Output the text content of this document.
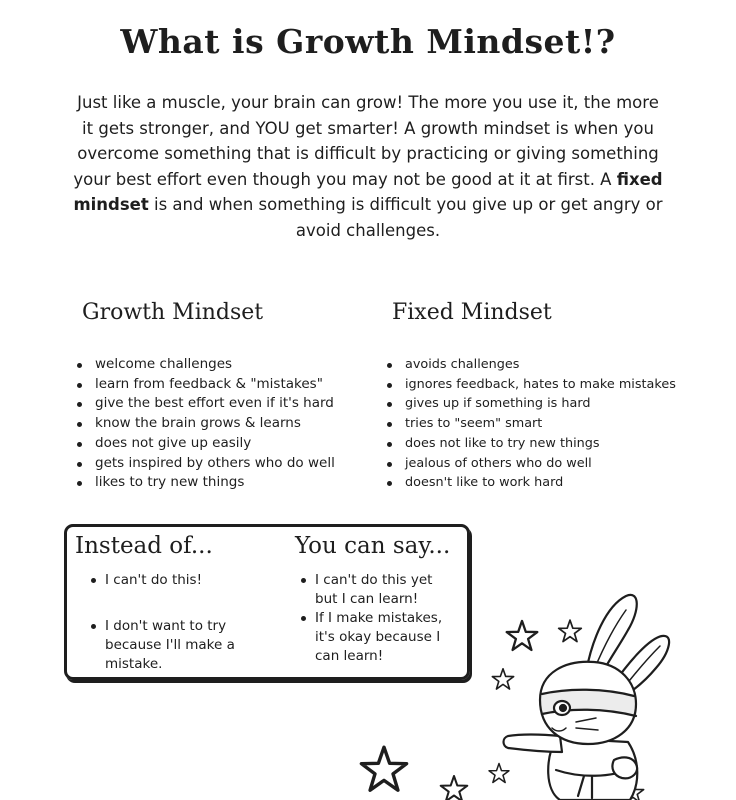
What is Growth Mindset!?

Just like a muscle, your brain can grow! The more you use it, the more it gets stronger, and YOU get smarter! A growth mindset is when you overcome something that is difficult by practicing or giving something your best effort even though you may not be good at it at first. A fixed mindset is and when something is difficult you give up or get angry or avoid challenges.

Growth Mindset
welcome challenges
learn from feedback & "mistakes"
give the best effort even if it's hard
know the brain grows & learns
does not give up easily
gets inspired by others who do well
likes to try new things
Fixed Mindset
avoids challenges
ignores feedback, hates to make mistakes
gives up if something is hard
tries to "seem" smart
does not like to try new things
jealous of others who do well
doesn't like to work hard
Instead of...
I can't do this!
I don't want to try because I'll make a mistake.
You can say...
I can't do this yet but I can learn!
If I make mistakes, it's okay because I can learn!
